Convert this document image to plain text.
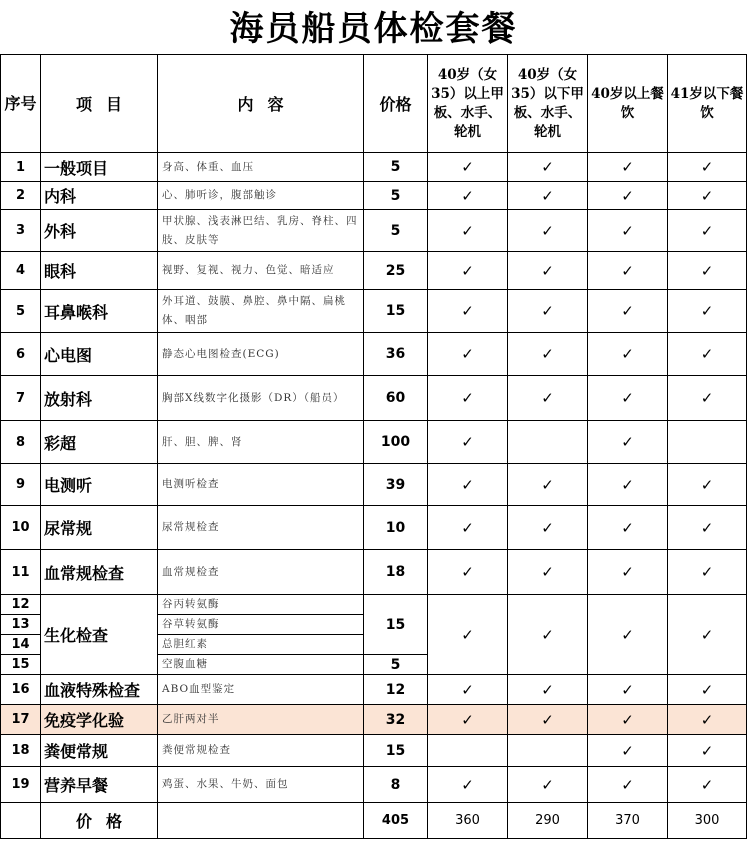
海员船员体检套餐
序号	项目	内容	价格	40岁（女35）以上甲板、水手、轮机	40岁（女35）以下甲板、水手、轮机	40岁以上餐饮	41岁以下餐饮
1	一般项目	身高、体重、血压	5	✓	✓	✓	✓
2	内科	心、肺听诊，腹部触诊	5	✓	✓	✓	✓
3	外科	甲状腺、浅表淋巴结、乳房、脊柱、四肢、皮肤等	5	✓	✓	✓	✓
4	眼科	视野、复视、视力、色觉、暗适应	25	✓	✓	✓	✓
5	耳鼻喉科	外耳道、鼓膜、鼻腔、鼻中隔、扁桃体、咽部	15	✓	✓	✓	✓
6	心电图	静态心电图检查(ECG)	36	✓	✓	✓	✓
7	放射科	胸部X线数字化摄影（DR）（船员）	60	✓	✓	✓	✓
8	彩超	肝、胆、脾、肾	100	✓		✓	
9	电测听	电测听检查	39	✓	✓	✓	✓
10	尿常规	尿常规检查	10	✓	✓	✓	✓
11	血常规检查	血常规检查	18	✓	✓	✓	✓
12	生化检查	谷丙转氨酶	15	✓	✓	✓	✓
13		谷草转氨酶					
14		总胆红素					
15		空腹血糖	5				
16	血液特殊检查	ABO血型鉴定	12	✓	✓	✓	✓
17	免疫学化验	乙肝两对半	32	✓	✓	✓	✓
18	粪便常规	粪便常规检查	15			✓	✓
19	营养早餐	鸡蛋、水果、牛奶、面包	8	✓	✓	✓	✓
	价格		405	360	290	370	300
